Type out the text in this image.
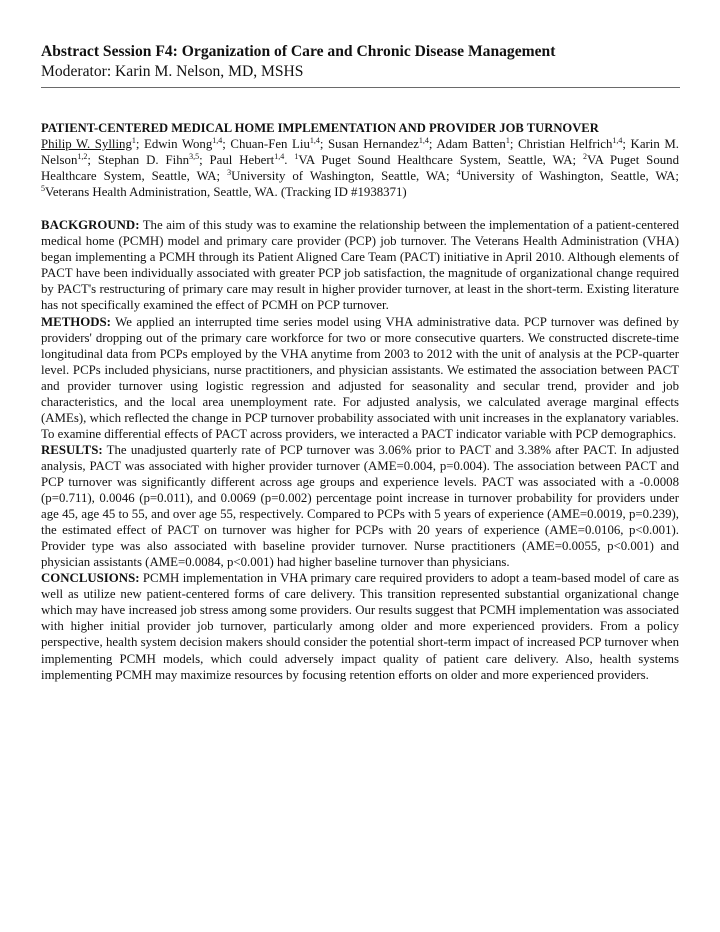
Abstract Session F4: Organization of Care and Chronic Disease Management
Moderator: Karin M. Nelson, MD, MSHS
PATIENT-CENTERED MEDICAL HOME IMPLEMENTATION AND PROVIDER JOB TURNOVER
Philip W. Sylling$^1$; Edwin Wong$^{1,4}$; Chuan-Fen Liu$^{1,4}$; Susan Hernandez$^{1,4}$; Adam Batten$^1$; Christian Helfrich$^{1,4}$; Karin M. Nelson$^{1,2}$; Stephan D. Fihn$^{3,5}$; Paul Hebert$^{1,4}$. $^1$VA Puget Sound Healthcare System, Seattle, WA; $^2$VA Puget Sound Healthcare System, Seattle, WA; $^3$University of Washington, Seattle, WA; $^4$University of Washington, Seattle, WA; $^5$Veterans Health Administration, Seattle, WA. (Tracking ID #1938371)

BACKGROUND: The aim of this study was to examine the relationship between the implementation of a patient-centered medical home (PCMH) model and primary care provider (PCP) job turnover. The Veterans Health Administration (VHA) began implementing a PCMH through its Patient Aligned Care Team (PACT) initiative in April 2010. Although elements of PACT have been individually associated with greater PCP job satisfaction, the magnitude of organizational change required by PACT's restructuring of primary care may result in higher provider turnover, at least in the short-term. Existing literature has not specifically examined the effect of PCMH on PCP turnover.

METHODS: We applied an interrupted time series model using VHA administrative data. PCP turnover was defined by providers' dropping out of the primary care workforce for two or more consecutive quarters. We constructed discrete-time longitudinal data from PCPs employed by the VHA anytime from 2003 to 2012 with the unit of analysis at the PCP-quarter level. PCPs included physicians, nurse practitioners, and physician assistants. We estimated the association between PACT and provider turnover using logistic regression and adjusted for seasonality and secular trend, provider and job characteristics, and the local area unemployment rate. For adjusted analysis, we calculated average marginal effects (AMEs), which reflected the change in PCP turnover probability associated with unit increases in the explanatory variables. To examine differential effects of PACT across providers, we interacted a PACT indicator variable with PCP demographics.

RESULTS: The unadjusted quarterly rate of PCP turnover was 3.06% prior to PACT and 3.38% after PACT. In adjusted analysis, PACT was associated with higher provider turnover (AME=0.004, p=0.004). The association between PACT and PCP turnover was significantly different across age groups and experience levels. PACT was associated with a -0.0008 (p=0.711), 0.0046 (p=0.011), and 0.0069 (p=0.002) percentage point increase in turnover probability for providers under age 45, age 45 to 55, and over age 55, respectively. Compared to PCPs with 5 years of experience (AME=0.0019, p=0.239), the estimated effect of PACT on turnover was higher for PCPs with 20 years of experience (AME=0.0106, p<0.001). Provider type was also associated with baseline provider turnover. Nurse practitioners (AME=0.0055, p<0.001) and physician assistants (AME=0.0084, p<0.001) had higher baseline turnover than physicians.

CONCLUSIONS: PCMH implementation in VHA primary care required providers to adopt a team-based model of care as well as utilize new patient-centered forms of care delivery. This transition represented substantial organizational change which may have increased job stress among some providers. Our results suggest that PCMH implementation was associated with higher initial provider job turnover, particularly among older and more experienced providers. From a policy perspective, health system decision makers should consider the potential short-term impact of increased PCP turnover when implementing PCMH models, which could adversely impact quality of patient care delivery. Also, health systems implementing PCMH may maximize resources by focusing retention efforts on older and more experienced providers.
